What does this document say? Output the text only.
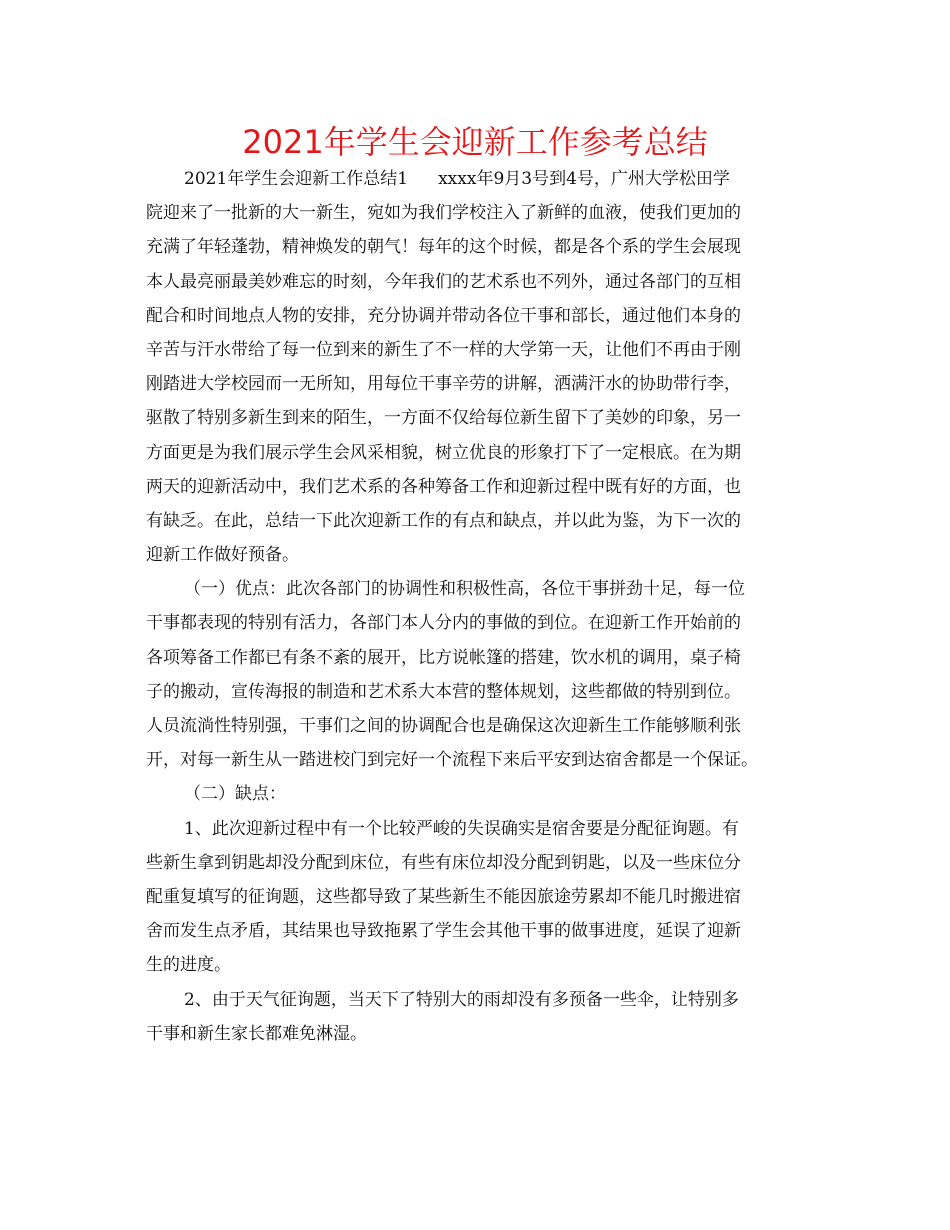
2021年学生会迎新工作参考总结
2021年学生会迎新工作总结1 xxxx年9月3号到4号，广州大学松田学
院迎来了一批新的大一新生，宛如为我们学校注入了新鲜的血液，使我们更加的
充满了年轻蓬勃，精神焕发的朝气！每年的这个时候，都是各个系的学生会展现
本人最亮丽最美妙难忘的时刻，今年我们的艺术系也不列外，通过各部门的互相
配合和时间地点人物的安排，充分协调并带动各位干事和部长，通过他们本身的
辛苦与汗水带给了每一位到来的新生了不一样的大学第一天，让他们不再由于刚
刚踏进大学校园而一无所知，用每位干事辛劳的讲解，洒满汗水的协助带行李，
驱散了特别多新生到来的陌生，一方面不仅给每位新生留下了美妙的印象，另一
方面更是为我们展示学生会风采相貌，树立优良的形象打下了一定根底。在为期
两天的迎新活动中，我们艺术系的各种筹备工作和迎新过程中既有好的方面，也
有缺乏。在此，总结一下此次迎新工作的有点和缺点，并以此为鉴，为下一次的
迎新工作做好预备。
（一）优点：此次各部门的协调性和积极性高，各位干事拼劲十足，每一位
干事都表现的特别有活力，各部门本人分内的事做的到位。在迎新工作开始前的
各项筹备工作都已有条不紊的展开，比方说帐篷的搭建，饮水机的调用，桌子椅
子的搬动，宣传海报的制造和艺术系大本营的整体规划，这些都做的特别到位。
人员流淌性特别强，干事们之间的协调配合也是确保这次迎新生工作能够顺利张
开，对每一新生从一踏进校门到完好一个流程下来后平安到达宿舍都是一个保证。
（二）缺点：
1、此次迎新过程中有一个比较严峻的失误确实是宿舍要是分配征询题。有
些新生拿到钥匙却没分配到床位，有些有床位却没分配到钥匙，以及一些床位分
配重复填写的征询题，这些都导致了某些新生不能因旅途劳累却不能几时搬进宿
舍而发生点矛盾，其结果也导致拖累了学生会其他干事的做事进度，延误了迎新
生的进度。
2、由于天气征询题，当天下了特别大的雨却没有多预备一些伞，让特别多
干事和新生家长都难免淋湿。
